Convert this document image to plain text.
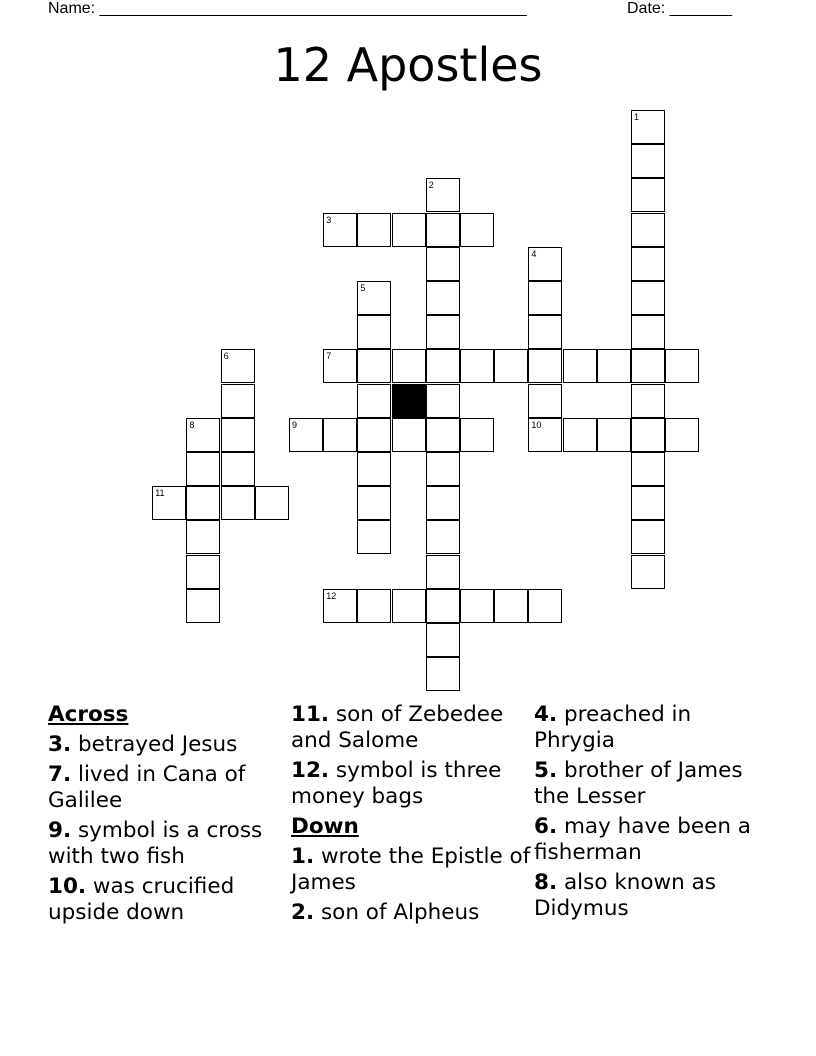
Name: ________________________________________________	Date: _______
12 Apostles
1
2
3
4
5
6	7
8	9	10
11
12
Across
3. betrayed Jesus
7. lived in Cana of Galilee
9. symbol is a cross with two fish
10. was crucified upside down
11. son of Zebedee and Salome
12. symbol is three money bags
Down
1. wrote the Epistle of James
2. son of Alpheus
4. preached in Phrygia
5. brother of James the Lesser
6. may have been a fisherman
8. also known as Didymus
